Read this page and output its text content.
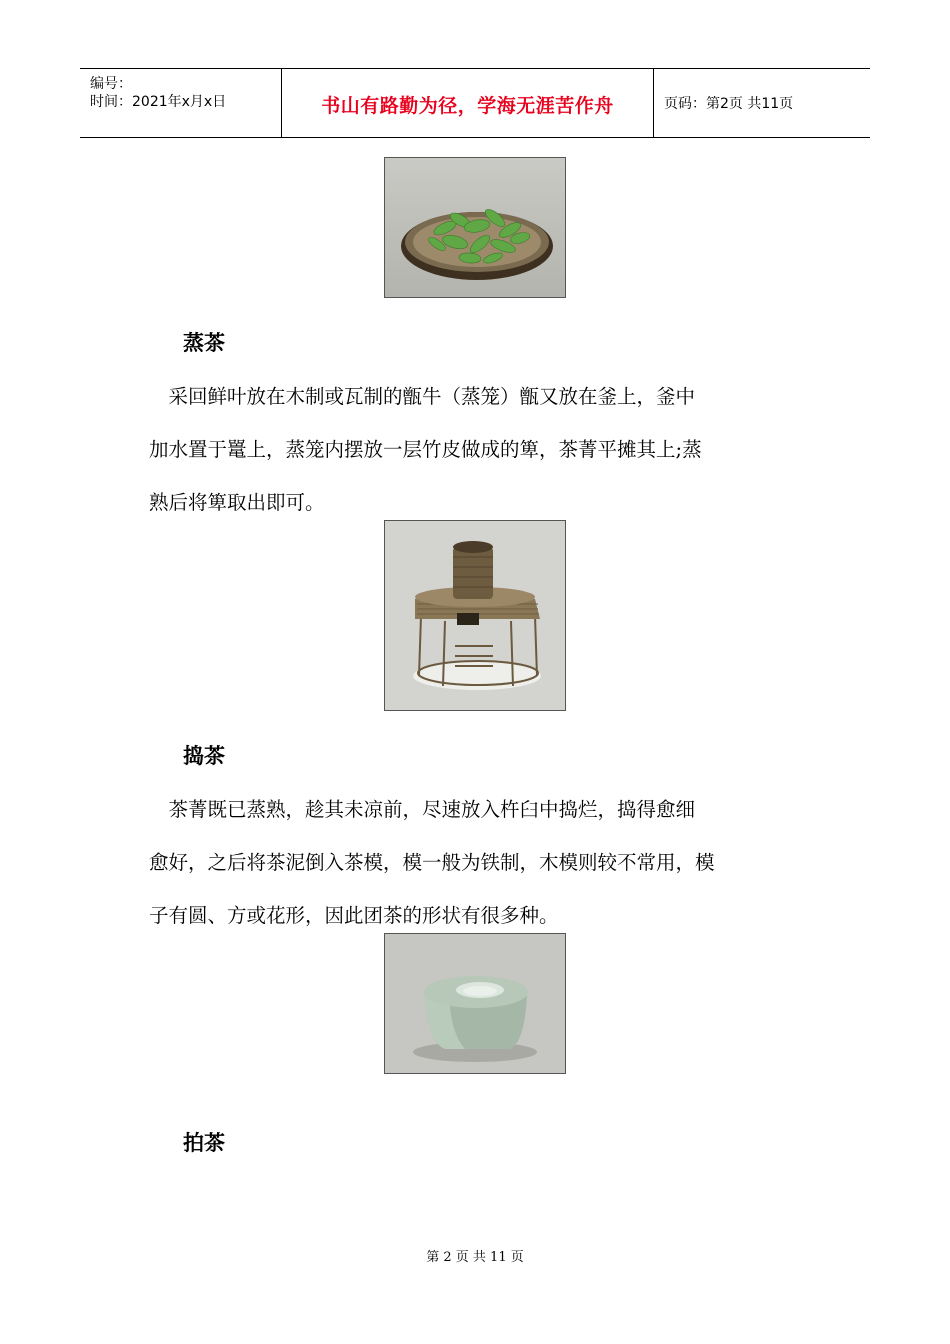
编号：
时间：2021年x月x日	书山有路勤为径，学海无涯苦作舟	页码：第2页 共11页
蒸茶
　采回鲜叶放在木制或瓦制的甑牛（蒸笼）甑又放在釜上，釜中
加水置于鼍上，蒸笼内摆放一层竹皮做成的箄，茶菁平摊其上;蒸
熟后将箄取出即可。
捣茶
　茶菁既已蒸熟，趁其未凉前，尽速放入杵臼中捣烂，捣得愈细
愈好，之后将茶泥倒入茶模，模一般为铁制，木模则较不常用，模
子有圆、方或花形，因此团茶的形状有很多种。
拍茶
第 2 页 共 11 页
